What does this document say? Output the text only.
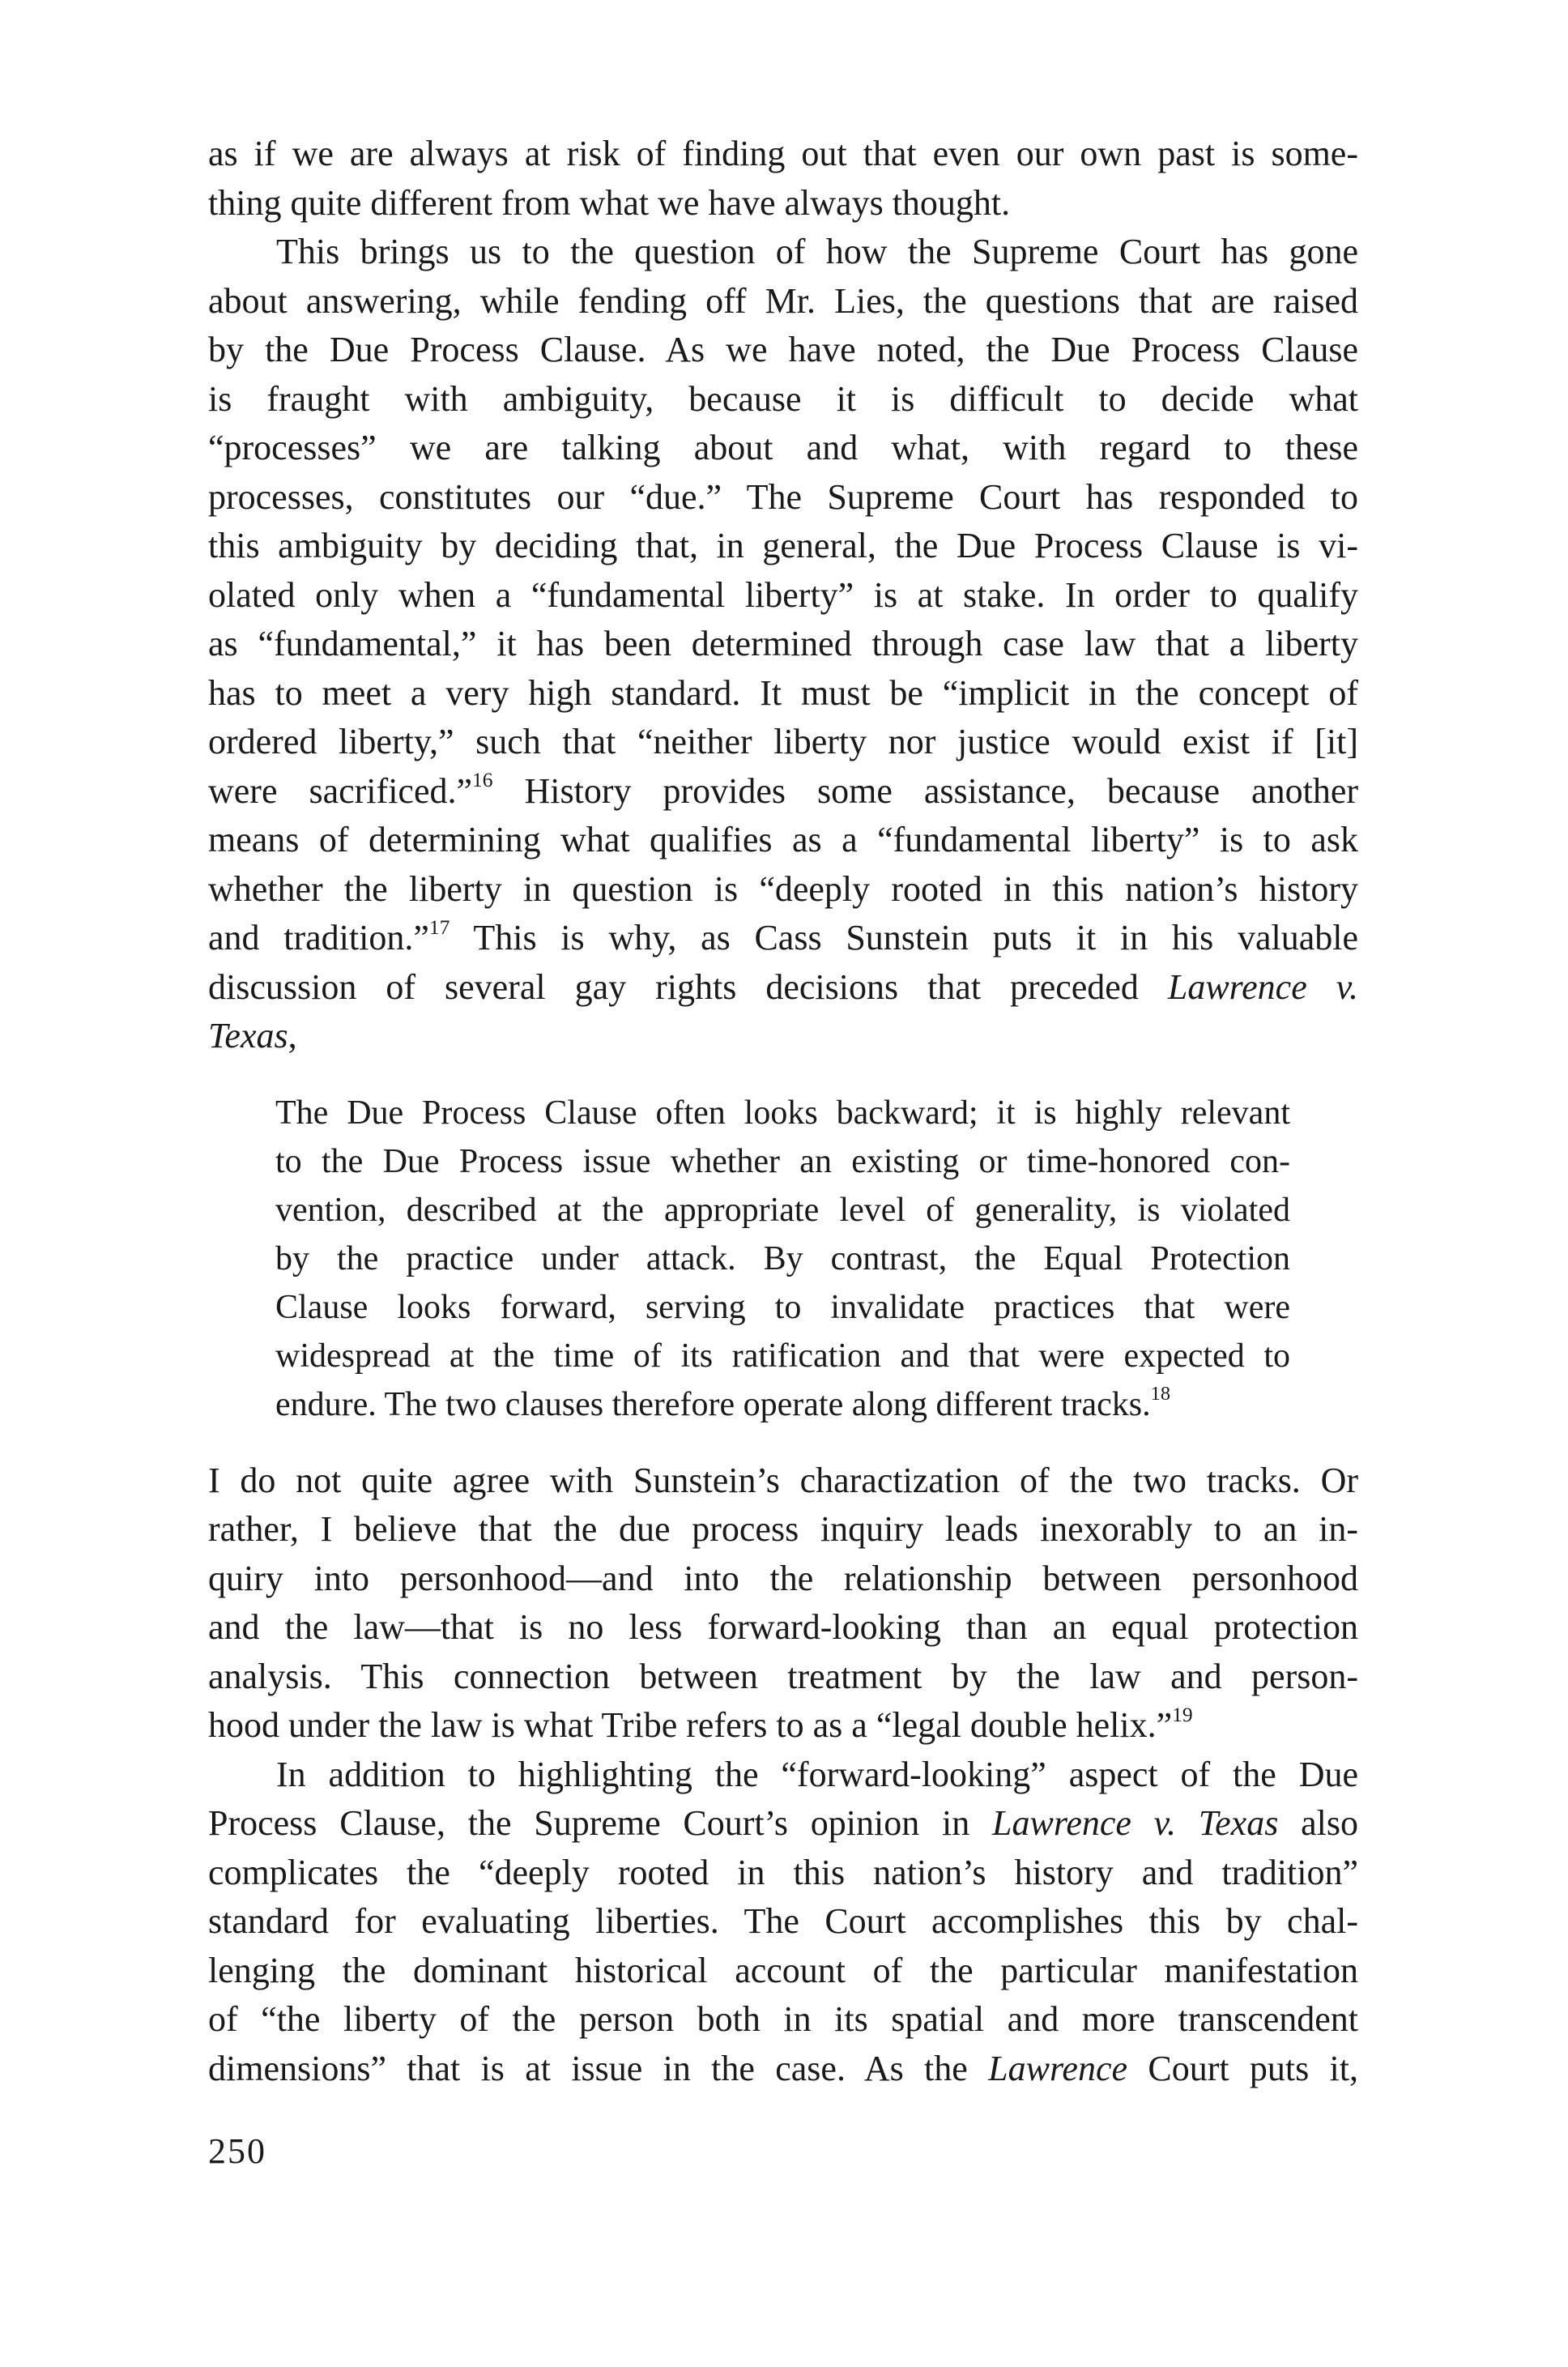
as if we are always at risk of finding out that even our own past is some-
thing quite different from what we have always thought.
This brings us to the question of how the Supreme Court has gone
about answering, while fending off Mr. Lies, the questions that are raised
by the Due Process Clause. As we have noted, the Due Process Clause
is fraught with ambiguity, because it is difficult to decide what
“processes” we are talking about and what, with regard to these
processes, constitutes our “due.” The Supreme Court has responded to
this ambiguity by deciding that, in general, the Due Process Clause is vi-
olated only when a “fundamental liberty” is at stake. In order to qualify
as “fundamental,” it has been determined through case law that a liberty
has to meet a very high standard. It must be “implicit in the concept of
ordered liberty,” such that “neither liberty nor justice would exist if [it]
were sacrificed.”$^{16}$ History provides some assistance, because another
means of determining what qualifies as a “fundamental liberty” is to ask
whether the liberty in question is “deeply rooted in this nation’s history
and tradition.”$^{17}$ This is why, as Cass Sunstein puts it in his valuable
discussion of several gay rights decisions that preceded Lawrence v.
Texas,
The Due Process Clause often looks backward; it is highly relevant
to the Due Process issue whether an existing or time-honored con-
vention, described at the appropriate level of generality, is violated
by the practice under attack. By contrast, the Equal Protection
Clause looks forward, serving to invalidate practices that were
widespread at the time of its ratification and that were expected to
endure. The two clauses therefore operate along different tracks.$^{18}$
I do not quite agree with Sunstein’s charactization of the two tracks. Or
rather, I believe that the due process inquiry leads inexorably to an in-
quiry into personhood—and into the relationship between personhood
and the law—that is no less forward-looking than an equal protection
analysis. This connection between treatment by the law and person-
hood under the law is what Tribe refers to as a “legal double helix.”$^{19}$
In addition to highlighting the “forward-looking” aspect of the Due
Process Clause, the Supreme Court’s opinion in Lawrence v. Texas also
complicates the “deeply rooted in this nation’s history and tradition”
standard for evaluating liberties. The Court accomplishes this by chal-
lenging the dominant historical account of the particular manifestation
of “the liberty of the person both in its spatial and more transcendent
dimensions” that is at issue in the case. As the Lawrence Court puts it,
250
